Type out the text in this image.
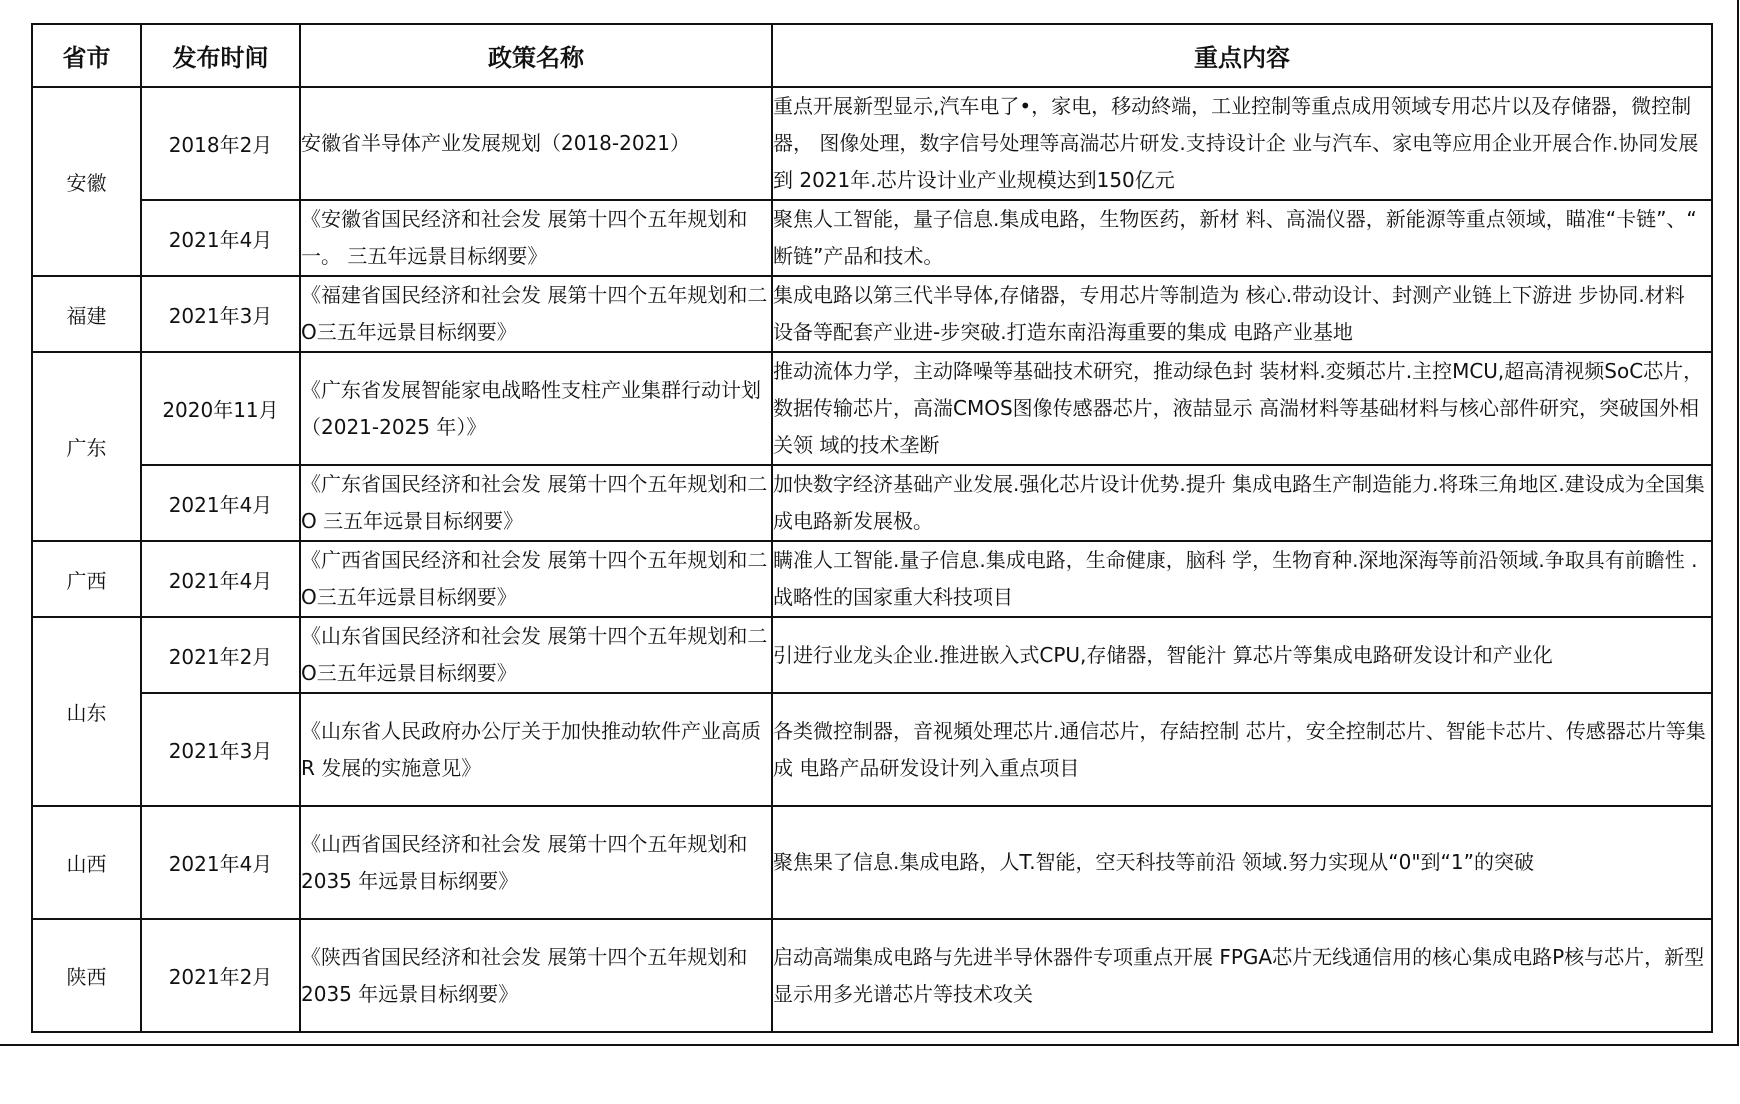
省市	发布时间	政策名称	重点内容
安徽	2018年2月	安徽省半导体产业发展规划（2018-2021）	重点开展新型显示,汽车电了•，家电，移动終端，工业控制等重点成用领域专用芯片以及存储器，微控制器， 图像处理，数字信号处理等高湍芯片研发.支持设计企 业与汽车、家电等应用企业开展合作.协同发展到 2021年.芯片设计业产业规模达到150亿元
	2021年4月	《安徽省国民经济和社会发 展第十四个五年规划和一。 三五年远景目标纲要》	聚焦人工智能，量子信息.集成电路，生物医药，新材 料、高湍仪器，新能源等重点领域，瞄准“卡链”、“ 断链”产品和技术。
福建	2021年3月	《福建省国民经济和社会发 展第十四个五年规划和二O三五年远景目标纲要》	集成电路以第三代半导体,存储器，专用芯片等制造为 核心.带动设计、封测产业链上下游进 步协同.材料 设备等配套产业进-步突破.打造东南沿海重要的集成 电路产业基地
广东	2020年11月	《广东省发展智能家电战略性支柱产业集群行动计划 （2021-2025 年）》	推动流体力学，主动降噪等基础技术研究，推动绿色封 装材料.変頻芯片.主控MCU,超高清视频SoC芯片， 数据传输芯片，高湍CMOS图像传感器芯片，液喆显示 高湍材料等基础材料与核心部件研究，突破国外相关领 域的技术垄断
	2021年4月	《广东省国民经济和社会发 展第十四个五年规划和二O 三五年远景目标纲要》	加快数字经济基础产业发展.强化芯片设计优势.提升 集成电路生产制造能力.将珠三角地区.建设成为全国集 成电路新发展极。
广西	2021年4月	《广西省国民经济和社会发 展第十四个五年规划和二O三五年远景目标纲要》	瞒准人工智能.量子信息.集成电路，生命健康，脑科 学，生物育种.深地深海等前沿领域.争取具有前瞻性 .战略性的国家重大科技项目
山东	2021年2月	《山东省国民经济和社会发 展第十四个五年规划和二O三五年远景目标纲要》	引进行业龙头企业.推进嵌入式CPU,存储器，智能汁 算芯片等集成电路研发设计和产业化
	2021年3月	《山东省人民政府办公厅关于加快推动软件产业高质R 发展的实施意见》	各类微控制器，音视頻处理芯片.通信芯片，存結控制 芯片，安全控制芯片、智能卡芯片、传感器芯片等集成 电路产品研发设计列入重点项目
山西	2021年4月	《山西省国民经济和社会发 展第十四个五年规划和2035 年远景目标纲要》	聚焦果了信息.集成电路，人T.智能，空天科技等前沿 领域.努力实现从“0"到“1”的突破
陕西	2021年2月	《陕西省国民经济和社会发 展第十四个五年规划和2035 年远景目标纲要》	启动高端集成电路与先进半导休器件专项重点开展 FPGA芯片无线通信用的核心集成电路P核与芯片，新型 显示用多光谱芯片等技术攻关
